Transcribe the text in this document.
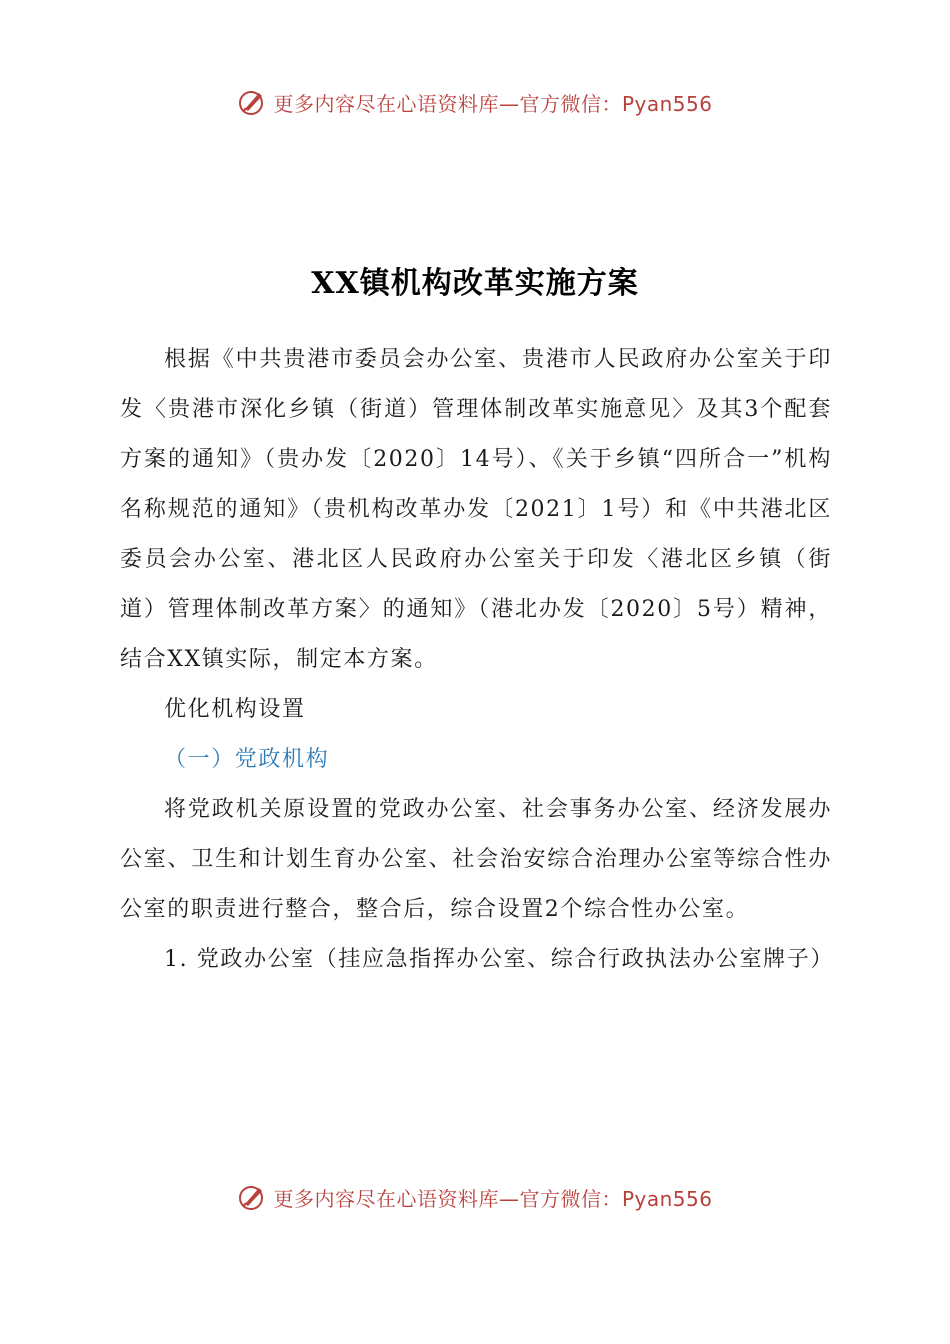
更多内容尽在心语资料库—官方微信：Pyan556
XX镇机构改革实施方案

根据《中共贵港市委员会办公室、贵港市人民政府办公室关于印发〈贵港市深化乡镇（街道）管理体制改革实施意见〉及其3个配套方案的通知》（贵办发〔2020〕14号）、《关于乡镇“四所合一”机构名称规范的通知》（贵机构改革办发〔2021〕1号）和《中共港北区委员会办公室、港北区人民政府办公室关于印发〈港北区乡镇（街道）管理体制改革方案〉的通知》（港北办发〔2020〕5号）精神，结合XX镇实际，制定本方案。

优化机构设置

（一）党政机构

将党政机关原设置的党政办公室、社会事务办公室、经济发展办公室、卫生和计划生育办公室、社会治安综合治理办公室等综合性办公室的职责进行整合，整合后，综合设置2个综合性办公室。

1. 党政办公室（挂应急指挥办公室、综合行政执法办公室牌子）

更多内容尽在心语资料库—官方微信：Pyan556
